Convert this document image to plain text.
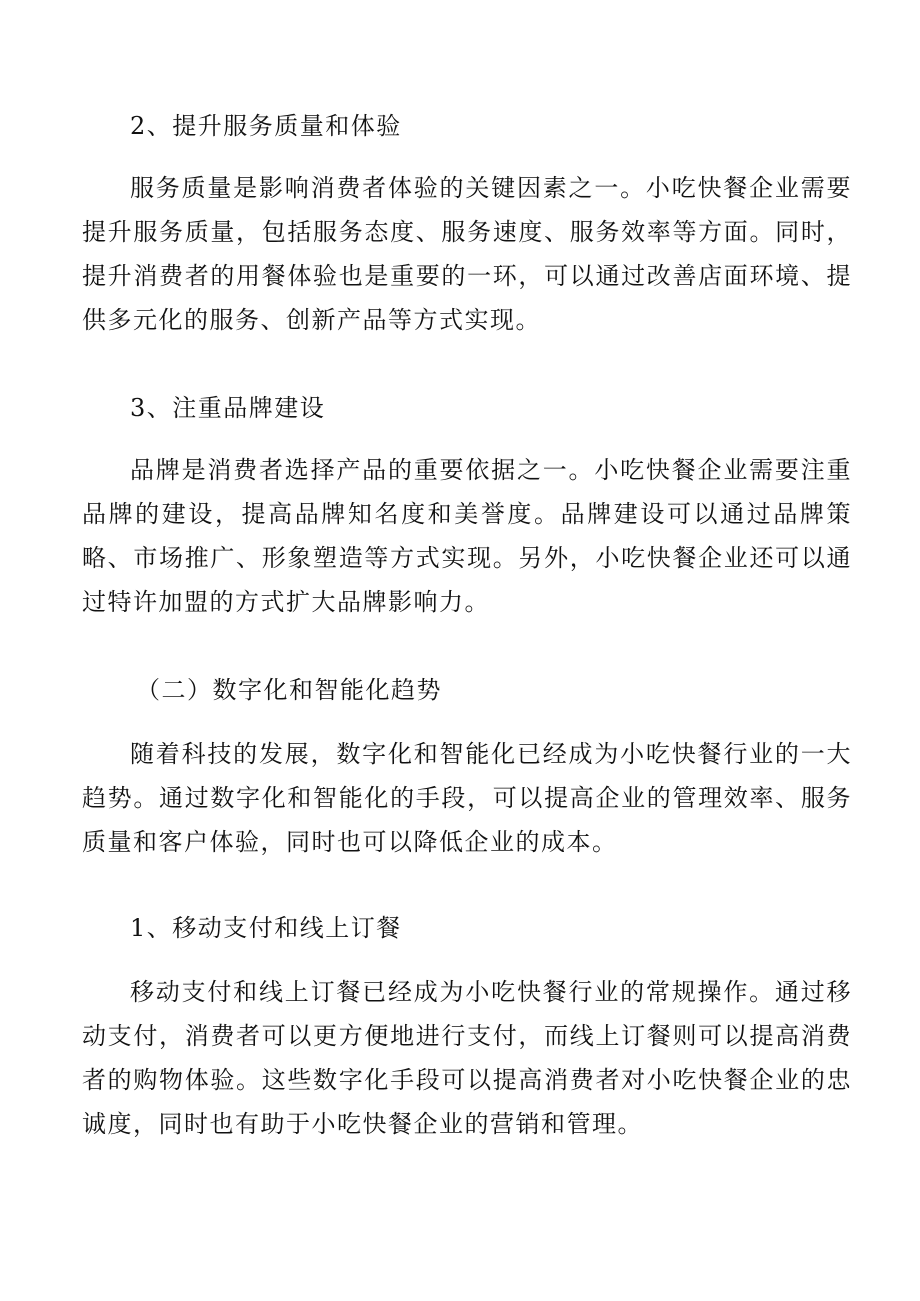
2、提升服务质量和体验

服务质量是影响消费者体验的关键因素之一。小吃快餐企业需要提升服务质量，包括服务态度、服务速度、服务效率等方面。同时，提升消费者的用餐体验也是重要的一环，可以通过改善店面环境、提供多元化的服务、创新产品等方式实现。

3、注重品牌建设

品牌是消费者选择产品的重要依据之一。小吃快餐企业需要注重品牌的建设，提高品牌知名度和美誉度。品牌建设可以通过品牌策略、市场推广、形象塑造等方式实现。另外，小吃快餐企业还可以通过特许加盟的方式扩大品牌影响力。

（二）数字化和智能化趋势

随着科技的发展，数字化和智能化已经成为小吃快餐行业的一大趋势。通过数字化和智能化的手段，可以提高企业的管理效率、服务质量和客户体验，同时也可以降低企业的成本。

1、移动支付和线上订餐

移动支付和线上订餐已经成为小吃快餐行业的常规操作。通过移动支付，消费者可以更方便地进行支付，而线上订餐则可以提高消费者的购物体验。这些数字化手段可以提高消费者对小吃快餐企业的忠诚度，同时也有助于小吃快餐企业的营销和管理。
